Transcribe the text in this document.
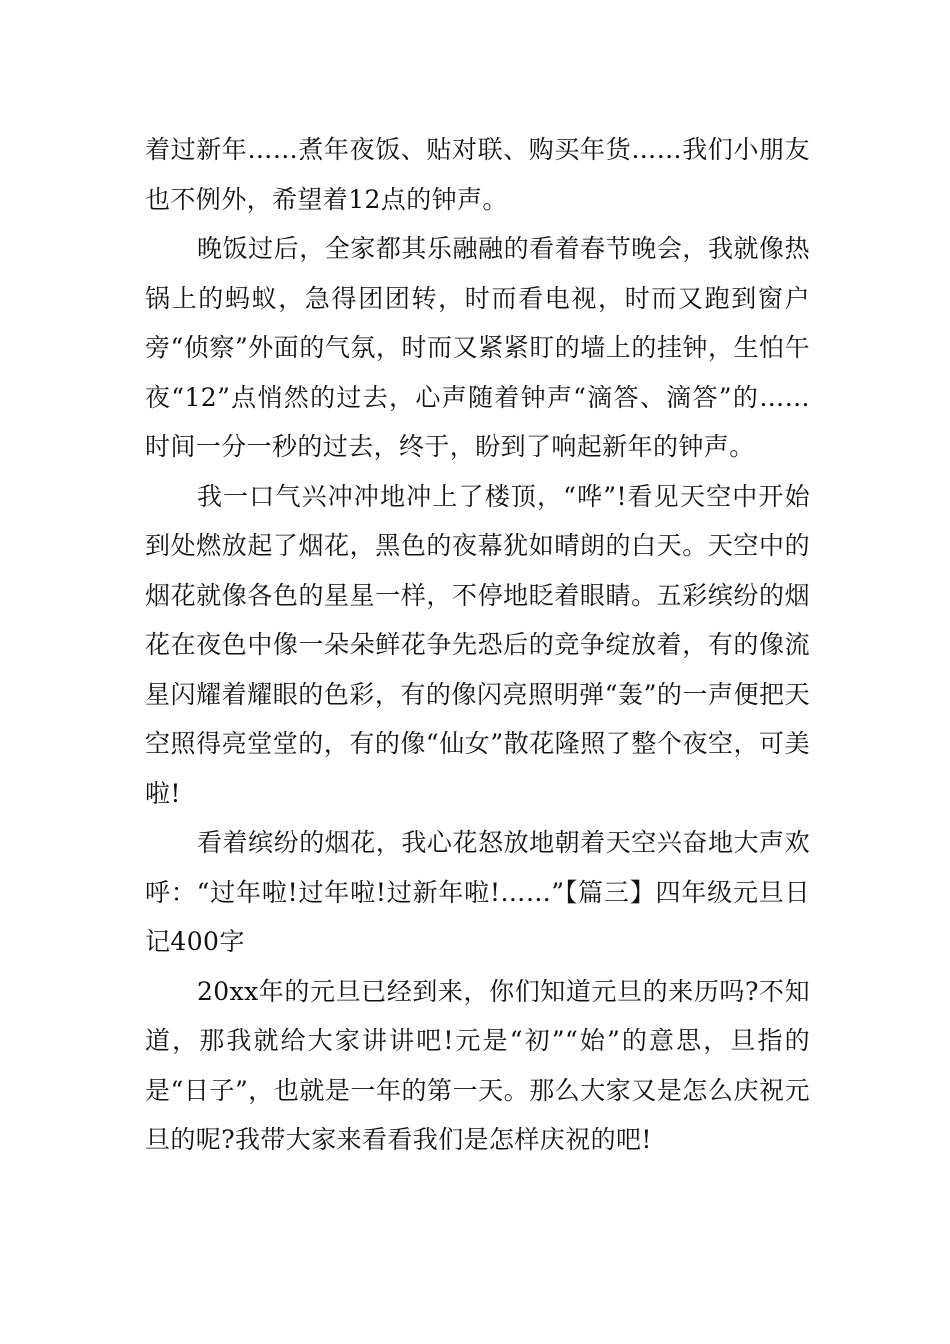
着过新年……煮年夜饭、贴对联、购买年货……我们小朋友也不例外，希望着12点的钟声。

晚饭过后，全家都其乐融融的看着春节晚会，我就像热锅上的蚂蚁，急得团团转，时而看电视，时而又跑到窗户旁“侦察”外面的气氛，时而又紧紧盯的墙上的挂钟，生怕午夜“12”点悄然的过去，心声随着钟声“滴答、滴答”的……时间一分一秒的过去，终于，盼到了响起新年的钟声。

我一口气兴冲冲地冲上了楼顶，“哗”!看见天空中开始到处燃放起了烟花，黑色的夜幕犹如晴朗的白天。天空中的烟花就像各色的星星一样，不停地眨着眼睛。五彩缤纷的烟花在夜色中像一朵朵鲜花争先恐后的竞争绽放着，有的像流星闪耀着耀眼的色彩，有的像闪亮照明弹“轰”的一声便把天空照得亮堂堂的，有的像“仙女”散花隆照了整个夜空，可美啦!

看着缤纷的烟花，我心花怒放地朝着天空兴奋地大声欢呼：“过年啦!过年啦!过新年啦!……”【篇三】四年级元旦日记400字

20xx年的元旦已经到来，你们知道元旦的来历吗?不知道，那我就给大家讲讲吧!元是“初”“始”的意思，旦指的是“日子”，也就是一年的第一天。那么大家又是怎么庆祝元旦的呢?我带大家来看看我们是怎样庆祝的吧!
